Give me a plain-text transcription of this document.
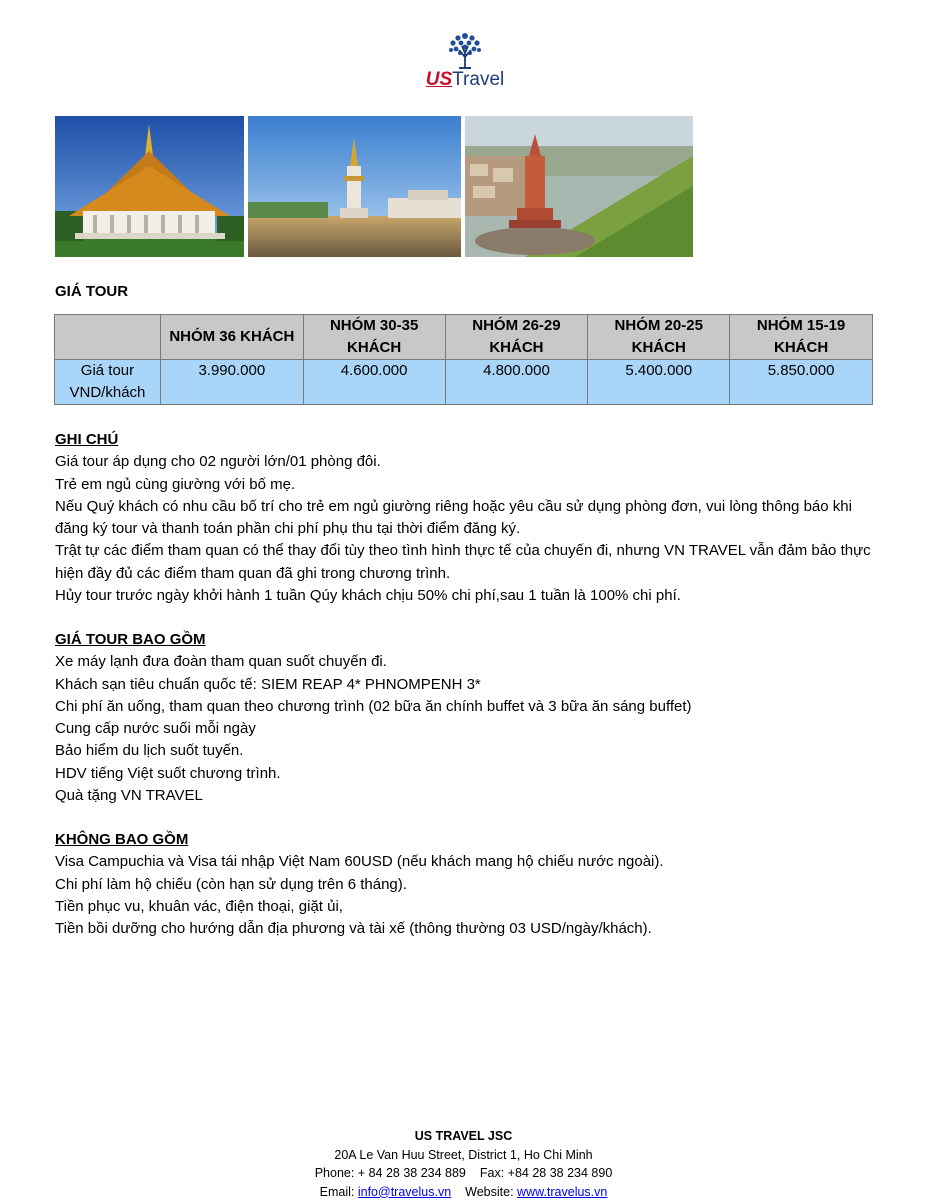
USTravel
GIÁ TOUR
	NHÓM 36 KHÁCH	NHÓM 30-35 KHÁCH	NHÓM 26-29 KHÁCH	NHÓM 20-25 KHÁCH	NHÓM 15-19 KHÁCH
Giá tour VND/khách	3.990.000	4.600.000	4.800.000	5.400.000	5.850.000
GHI CHÚ

Giá tour áp dụng cho 02 người lớn/01 phòng đôi.

Trẻ em ngủ cùng giường với bố mẹ.

Nếu Quý khách có nhu cầu bố trí cho trẻ em ngủ giường riêng hoặc yêu cầu sử dụng phòng đơn, vui lòng thông báo khi đăng ký tour và thanh toán phần chi phí phụ thu tại thời điểm đăng ký.

Trật tự các điểm tham quan có thể thay đổi tùy theo tình hình thực tế của chuyến đi, nhưng VN TRAVEL vẫn đảm bảo thực hiện đầy đủ các điểm tham quan đã ghi trong chương trình.

Hủy tour trước ngày khởi hành 1 tuần Qúy khách chịu 50% chi phí,sau 1 tuần là 100% chi phí.

GIÁ TOUR BAO GỒM

Xe máy lạnh đưa đoàn tham quan suốt chuyến đi.

Khách sạn tiêu chuẩn quốc tế: SIEM REAP 4* PHNOMPENH 3*

Chi phí ăn uống, tham quan theo chương trình (02 bữa ăn chính buffet và 3 bữa ăn sáng buffet)

Cung cấp nước suối mỗi ngày

Bảo hiểm du lịch suốt tuyến.

HDV tiếng Việt suốt chương trình.

Quà tặng VN TRAVEL

KHÔNG BAO GỒM

Visa Campuchia và Visa tái nhập Việt Nam 60USD (nếu khách mang hộ chiếu nước ngoài).

Chi phí làm hộ chiếu (còn hạn sử dụng trên 6 tháng).

Tiền phục vu, khuân vác, điện thoại, giặt ủi,

Tiền bồi dưỡng cho hướng dẫn địa phương và tài xế (thông thường 03 USD/ngày/khách).

US TRAVEL JSC
20A Le Van Huu Street, District 1, Ho Chi Minh
Phone: + 84 28 38 234 889 Fax: +84 28 38 234 890
Email: info@travelus.vn Website: www.travelus.vn
